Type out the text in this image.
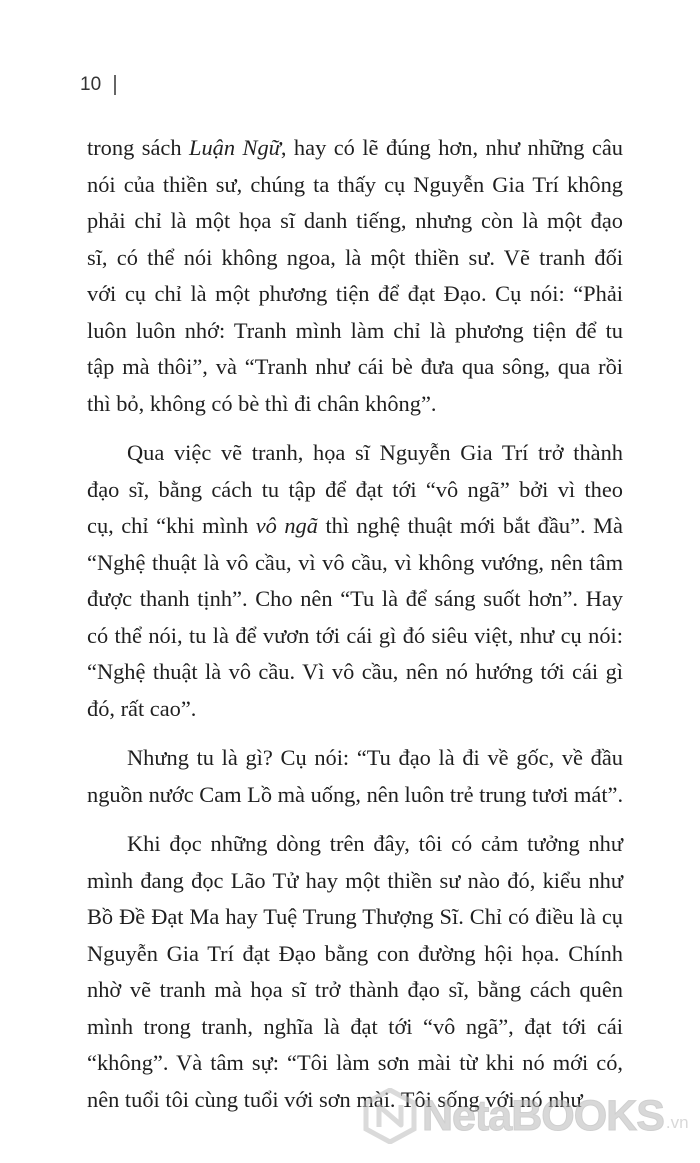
10
trong sách Luận Ngữ, hay có lẽ đúng hơn, như những câu
nói của thiền sư, chúng ta thấy cụ Nguyễn Gia Trí không
phải chỉ là một họa sĩ danh tiếng, nhưng còn là một đạo
sĩ, có thể nói không ngoa, là một thiền sư. Vẽ tranh đối
với cụ chỉ là một phương tiện để đạt Đạo. Cụ nói: “Phải
luôn luôn nhớ: Tranh mình làm chỉ là phương tiện để tu
tập mà thôi”, và “Tranh như cái bè đưa qua sông, qua rồi
thì bỏ, không có bè thì đi chân không”.
Qua việc vẽ tranh, họa sĩ Nguyễn Gia Trí trở thành
đạo sĩ, bằng cách tu tập để đạt tới “vô ngã” bởi vì theo
cụ, chỉ “khi mình vô ngã thì nghệ thuật mới bắt đầu”. Mà
“Nghệ thuật là vô cầu, vì vô cầu, vì không vướng, nên tâm
được thanh tịnh”. Cho nên “Tu là để sáng suốt hơn”. Hay
có thể nói, tu là để vươn tới cái gì đó siêu việt, như cụ nói:
“Nghệ thuật là vô cầu. Vì vô cầu, nên nó hướng tới cái gì
đó, rất cao”.
Nhưng tu là gì? Cụ nói: “Tu đạo là đi về gốc, về đầu
nguồn nước Cam Lồ mà uống, nên luôn trẻ trung tươi mát”.
Khi đọc những dòng trên đây, tôi có cảm tưởng như
mình đang đọc Lão Tử hay một thiền sư nào đó, kiểu như
Bồ Đề Đạt Ma hay Tuệ Trung Thượng Sĩ. Chỉ có điều là cụ
Nguyễn Gia Trí đạt Đạo bằng con đường hội họa. Chính
nhờ vẽ tranh mà họa sĩ trở thành đạo sĩ, bằng cách quên
mình trong tranh, nghĩa là đạt tới “vô ngã”, đạt tới cái
“không”. Và tâm sự: “Tôi làm sơn mài từ khi nó mới có,
nên tuổi tôi cùng tuổi với sơn mài. Tôi sống với nó như
NetaBOOKS .vn
